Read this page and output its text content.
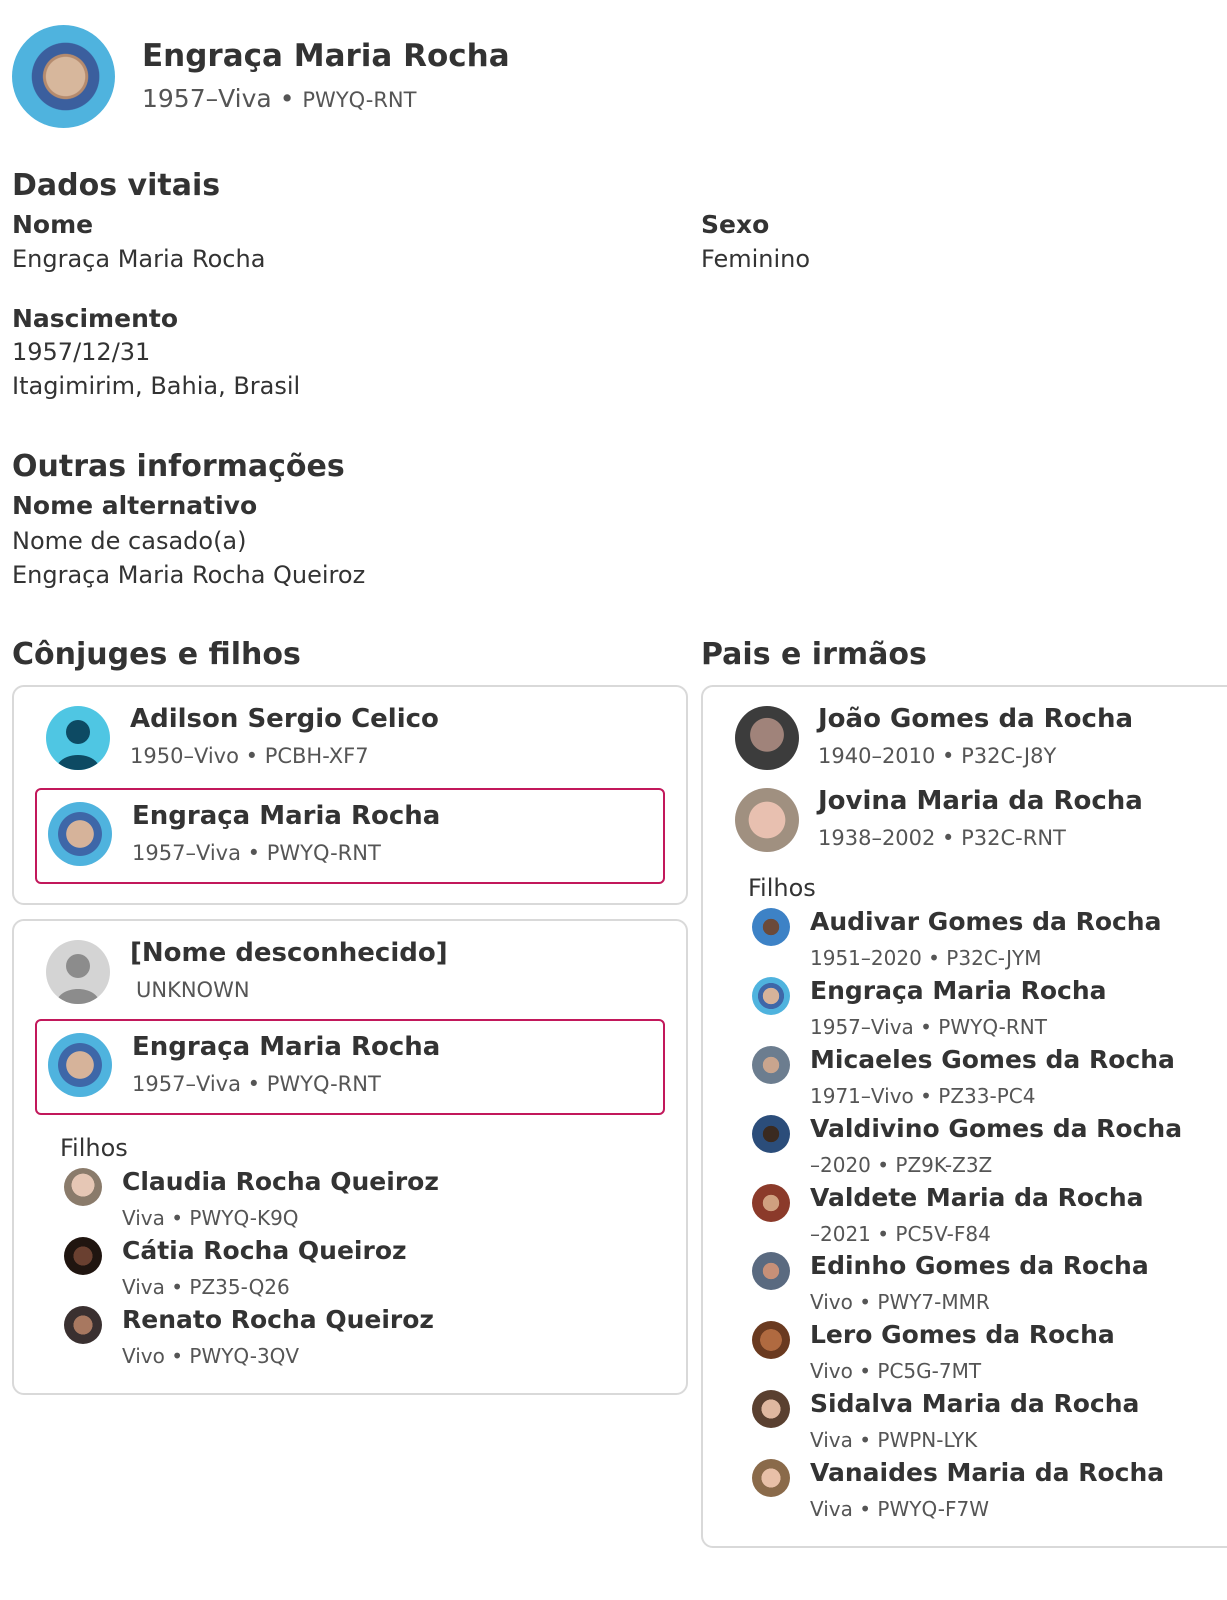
Engraça Maria Rocha
1957–Viva • PWYQ-RNT
Dados vitais
Nome
Engraça Maria Rocha
Sexo
Feminino
Nascimento
1957/12/31
Itagimirim, Bahia, Brasil
Outras informações
Nome alternativo
Nome de casado(a)
Engraça Maria Rocha Queiroz
Cônjuges e filhos
Adilson Sergio Celico
1950–Vivo • PCBH-XF7
Engraça Maria Rocha
1957–Viva • PWYQ-RNT
[Nome desconhecido]
UNKNOWN
Engraça Maria Rocha
1957–Viva • PWYQ-RNT
Filhos
Claudia Rocha Queiroz
Viva • PWYQ-K9Q
Cátia Rocha Queiroz
Viva • PZ35-Q26
Renato Rocha Queiroz
Vivo • PWYQ-3QV
Pais e irmãos
João Gomes da Rocha
1940–2010 • P32C-J8Y
Jovina Maria da Rocha
1938–2002 • P32C-RNT
Filhos
Audivar Gomes da Rocha
1951–2020 • P32C-JYM
Engraça Maria Rocha
1957–Viva • PWYQ-RNT
Micaeles Gomes da Rocha
1971–Vivo • PZ33-PC4
Valdivino Gomes da Rocha
–2020 • PZ9K-Z3Z
Valdete Maria da Rocha
–2021 • PC5V-F84
Edinho Gomes da Rocha
Vivo • PWY7-MMR
Lero Gomes da Rocha
Vivo • PC5G-7MT
Sidalva Maria da Rocha
Viva • PWPN-LYK
Vanaides Maria da Rocha
Viva • PWYQ-F7W
